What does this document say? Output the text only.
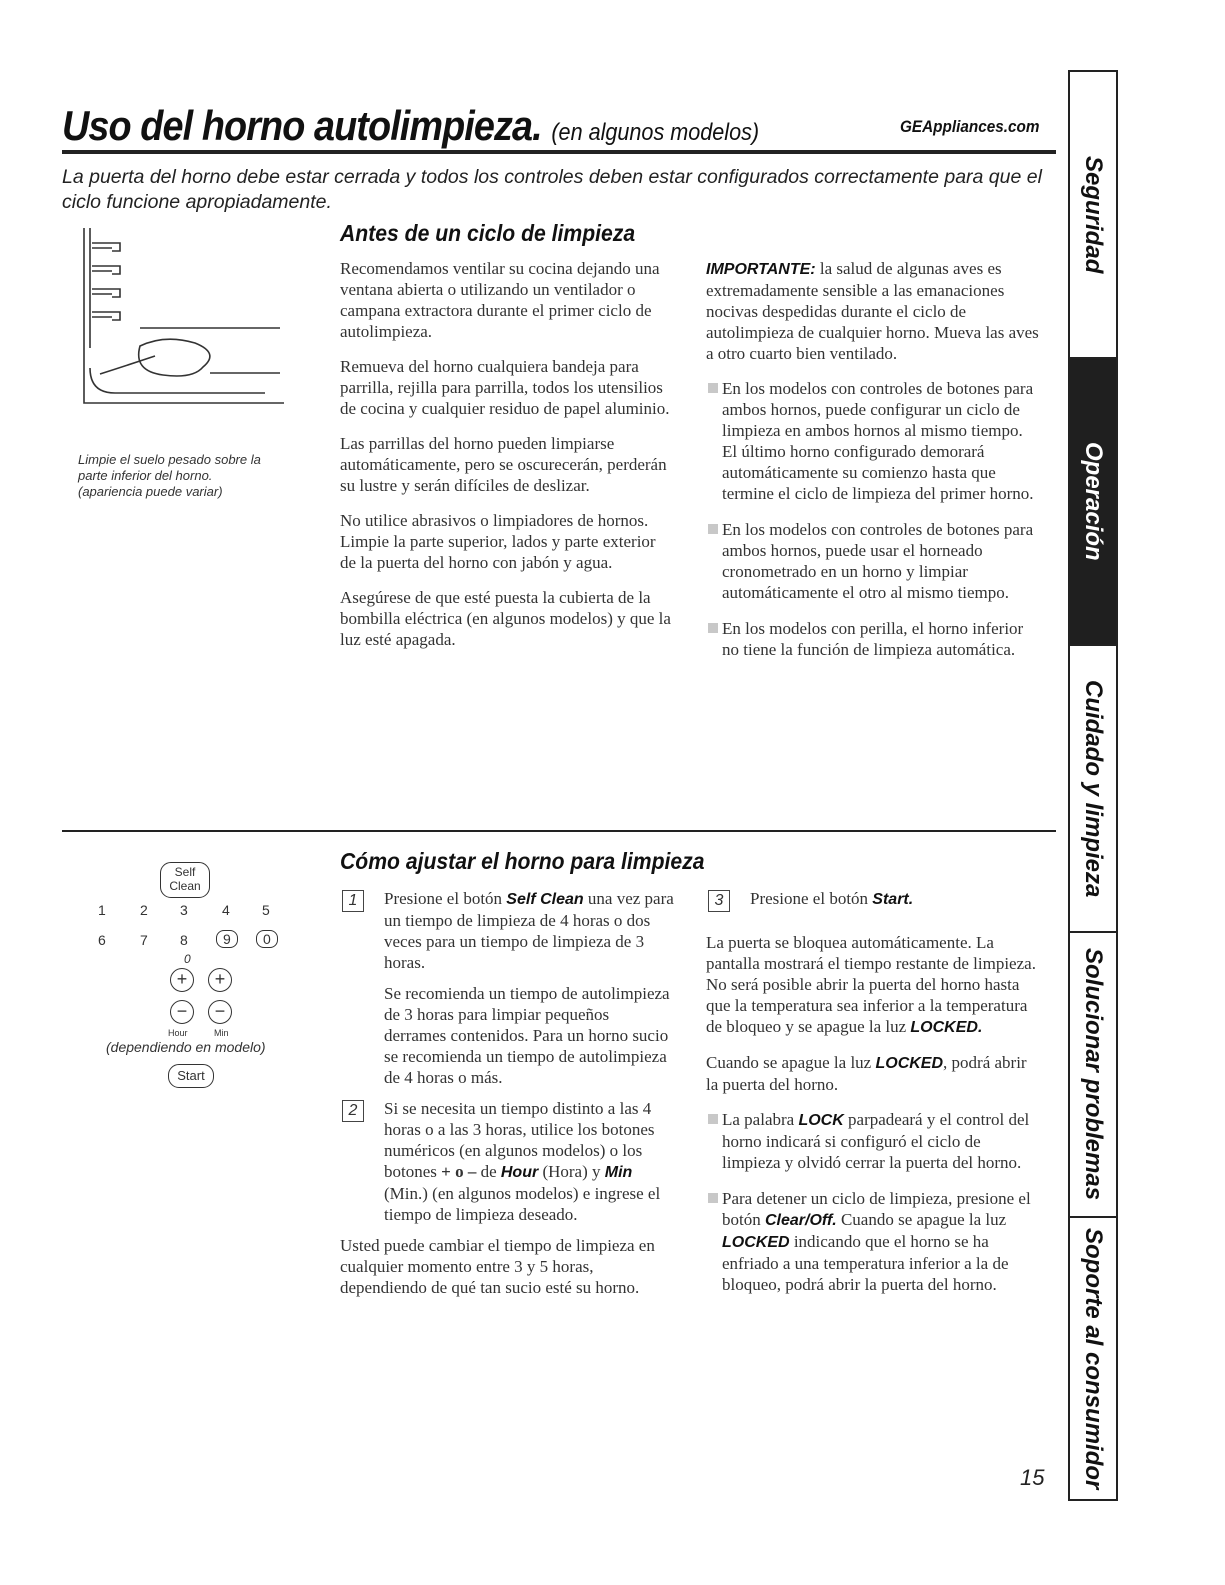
Uso del horno autolimpieza. (en algunos modelos)	GEAppliances.com
La puerta del horno debe estar cerrada y todos los controles deben estar configurados correctamente para que el ciclo funcione apropiadamente.
Limpie el suelo pesado sobre la parte inferior del horno. (apariencia puede variar)
Antes de un ciclo de limpieza

Recomendamos ventilar su cocina dejando una ventana abierta o utilizando un ventilador o campana extractora durante el primer ciclo de autolimpieza.

Remueva del horno cualquiera bandeja para parrilla, rejilla para parrilla, todos los utensilios de cocina y cualquier residuo de papel aluminio.

Las parrillas del horno pueden limpiarse automáticamente, pero se oscurecerán, perderán su lustre y serán difíciles de deslizar.

No utilice abrasivos o limpiadores de hornos. Limpie la parte superior, lados y parte exterior de la puerta del horno con jabón y agua.

Asegúrese de que esté puesta la cubierta de la bombilla eléctrica (en algunos modelos) y que la luz esté apagada.

IMPORTANTE: la salud de algunas aves es extremadamente sensible a las emanaciones nocivas despedidas durante el ciclo de autolimpieza de cualquier horno. Mueva las aves a otro cuarto bien ventilado.

En los modelos con controles de botones para ambos hornos, puede configurar un ciclo de limpieza en ambos hornos al mismo tiempo. El último horno configurado demorará automáticamente su comienzo hasta que termine el ciclo de limpieza del primer horno.
En los modelos con controles de botones para ambos hornos, puede usar el horneado cronometrado en un horno y limpiar automáticamente el otro al mismo tiempo.
En los modelos con perilla, el horno inferior no tiene la función de limpieza automática.
Self
Clean
1 2 3 4 5
6 7 8	9	0
0
+	+
−	−
Hour	Min
(dependiendo en modelo)
Start
Cómo ajustar el horno para limpieza
1	Presione el botón Self Clean una vez para un tiempo de limpieza de 4 horas o dos veces para un tiempo de limpieza de 3 horas.

Se recomienda un tiempo de autolimpieza de 3 horas para limpiar pequeños derrames contenidos. Para un horno sucio se recomienda un tiempo de autolimpieza de 4 horas o más.

2	Si se necesita un tiempo distinto a las 4 horas o a las 3 horas, utilice los botones numéricos (en algunos modelos) o los botones + o – de Hour (Hora) y Min (Min.) (en algunos modelos) e ingrese el tiempo de limpieza deseado.

Usted puede cambiar el tiempo de limpieza en cualquier momento entre 3 y 5 horas, dependiendo de qué tan sucio esté su horno.

3	Presione el botón Start.

La puerta se bloquea automáticamente. La pantalla mostrará el tiempo restante de limpieza. No será posible abrir la puerta del horno hasta que la temperatura sea inferior a la temperatura de bloqueo y se apague la luz LOCKED.

Cuando se apague la luz LOCKED, podrá abrir la puerta del horno.

La palabra LOCK parpadeará y el control del horno indicará si configuró el ciclo de limpieza y olvidó cerrar la puerta del horno.
Para detener un ciclo de limpieza, presione el botón Clear/Off. Cuando se apague la luz LOCKED indicando que el horno se ha enfriado a una temperatura inferior a la de bloqueo, podrá abrir la puerta del horno.
Seguridad
Operación
Cuidado y limpieza
Solucionar problemas
Soporte al consumidor
15
